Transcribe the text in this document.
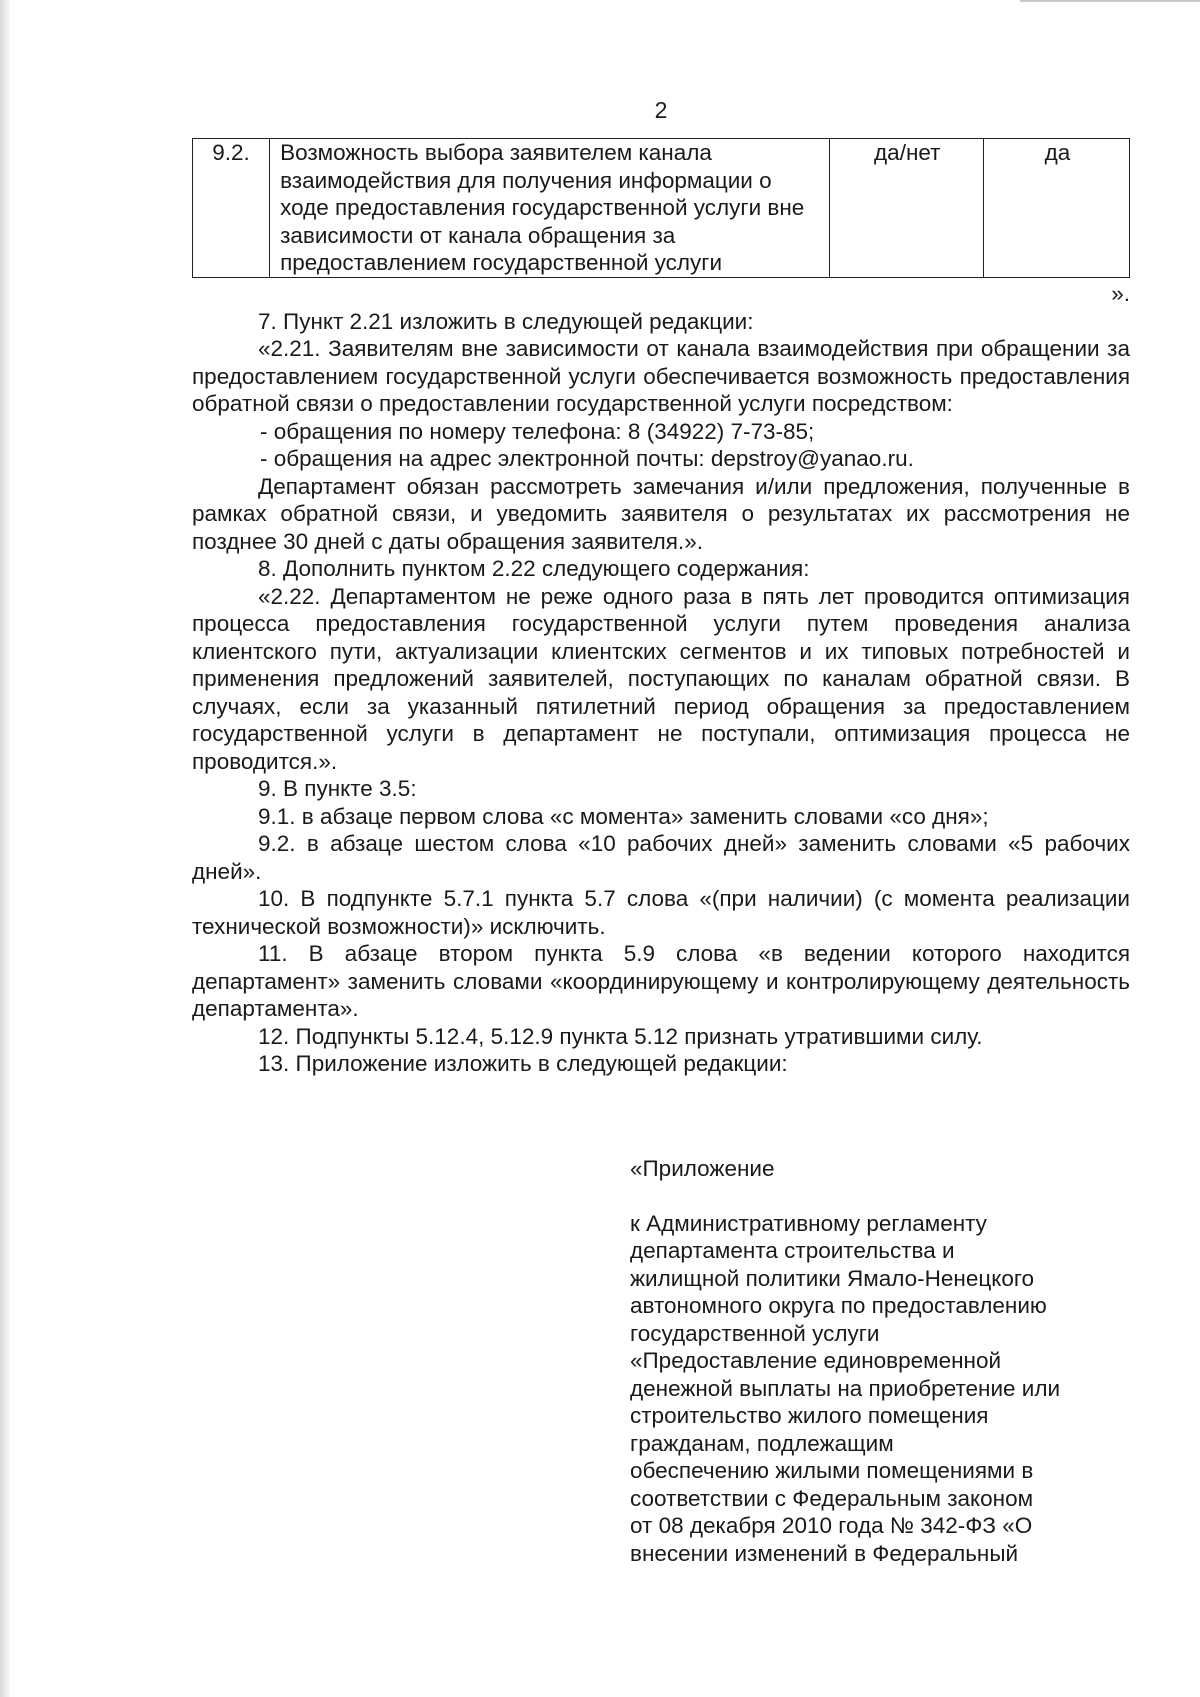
2
9.2.	Возможность выбора заявителем канала взаимодействия для получения информации о ходе предоставления государственной услуги вне зависимости от канала обращения за предоставлением государственной услуги	да/нет	да
».

7. Пункт 2.21 изложить в следующей редакции:

«2.21. Заявителям вне зависимости от канала взаимодействия при обращении за предоставлением государственной услуги обеспечивается возможность предоставления обратной связи о предоставлении государственной услуги посредством:

- обращения по номеру телефона: 8 (34922) 7-73-85;

- обращения на адрес электронной почты: depstroy@yanao.ru.

Департамент обязан рассмотреть замечания и/или предложения, полученные в рамках обратной связи, и уведомить заявителя о результатах их рассмотрения не позднее 30 дней с даты обращения заявителя.».

8. Дополнить пунктом 2.22 следующего содержания:

«2.22. Департаментом не реже одного раза в пять лет проводится оптимизация процесса предоставления государственной услуги путем проведения анализа клиентского пути, актуализации клиентских сегментов и их типовых потребностей и применения предложений заявителей, поступающих по каналам обратной связи. В случаях, если за указанный пятилетний период обращения за предоставлением государственной услуги в департамент не поступали, оптимизация процесса не проводится.».

9. В пункте 3.5:

9.1. в абзаце первом слова «с момента» заменить словами «со дня»;

9.2. в абзаце шестом слова «10 рабочих дней» заменить словами «5 рабочих дней».

10. В подпункте 5.7.1 пункта 5.7 слова «(при наличии) (с момента реализации технической возможности)» исключить.

11. В абзаце втором пункта 5.9 слова «в ведении которого находится департамент» заменить словами «координирующему и контролирующему деятельность департамента».

12. Подпункты 5.12.4, 5.12.9 пункта 5.12 признать утратившими силу.

13. Приложение изложить в следующей редакции:

«Приложение
к Административному регламенту
департамента строительства и
жилищной политики Ямало-Ненецкого
автономного округа по предоставлению
государственной услуги
«Предоставление единовременной
денежной выплаты на приобретение или
строительство жилого помещения
гражданам, подлежащим
обеспечению жилыми помещениями в
соответствии с Федеральным законом
от 08 декабря 2010 года № 342-ФЗ «О
внесении изменений в Федеральный
